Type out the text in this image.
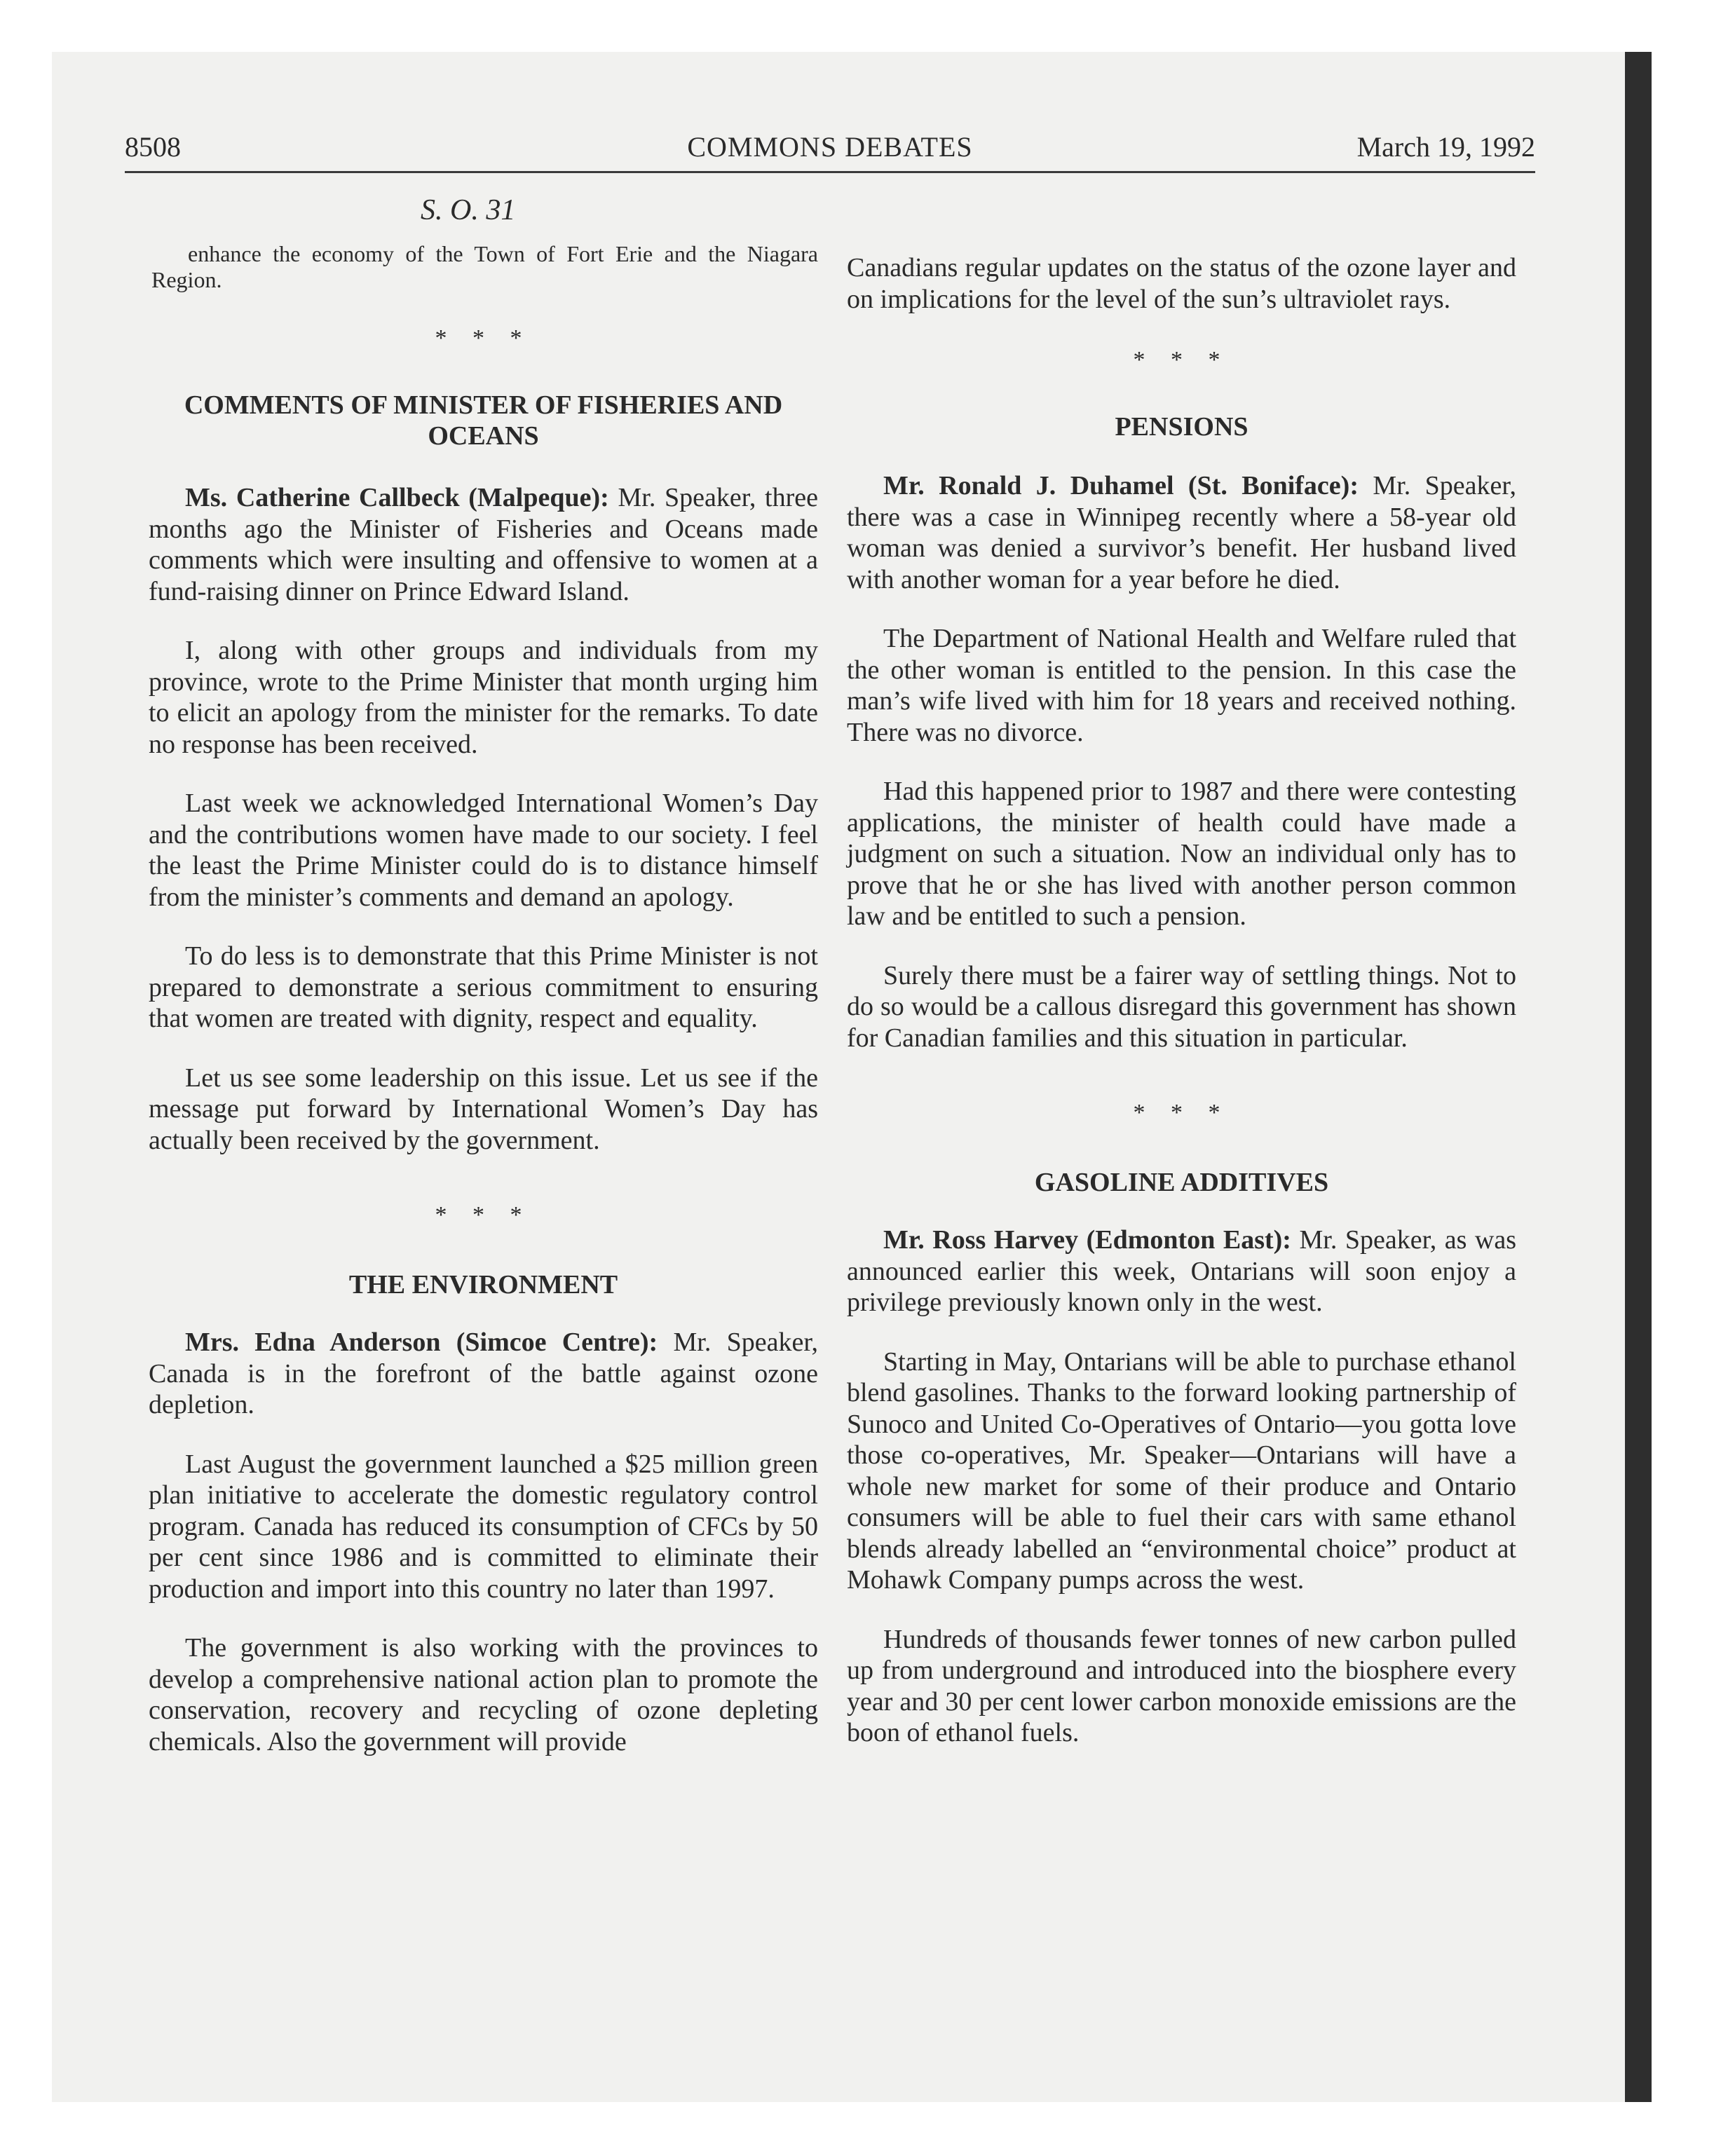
8508	COMMONS DEBATES	March 19, 1992
S. O. 31

enhance the economy of the Town of Fort Erie and the Niagara Region.

* * *

COMMENTS OF MINISTER OF FISHERIES AND OCEANS

Ms. Catherine Callbeck (Malpeque): Mr. Speaker, three months ago the Minister of Fisheries and Oceans made comments which were insulting and offensive to women at a fund-raising dinner on Prince Edward Island.

I, along with other groups and individuals from my province, wrote to the Prime Minister that month urging him to elicit an apology from the minister for the remarks. To date no response has been received.

Last week we acknowledged International Women’s Day and the contributions women have made to our society. I feel the least the Prime Minister could do is to distance himself from the minister’s comments and demand an apology.

To do less is to demonstrate that this Prime Minister is not prepared to demonstrate a serious commitment to ensuring that women are treated with dignity, respect and equality.

Let us see some leadership on this issue. Let us see if the message put forward by International Women’s Day has actually been received by the government.

* * *

THE ENVIRONMENT

Mrs. Edna Anderson (Simcoe Centre): Mr. Speaker, Canada is in the forefront of the battle against ozone depletion.

Last August the government launched a $25 million green plan initiative to accelerate the domestic regulatory control program. Canada has reduced its consumption of CFCs by 50 per cent since 1986 and is committed to eliminate their production and import into this country no later than 1997.

The government is also working with the provinces to develop a comprehensive national action plan to promote the conservation, recovery and recycling of ozone depleting chemicals. Also the government will provide

Canadians regular updates on the status of the ozone layer and on implications for the level of the sun’s ultraviolet rays.

* * *

PENSIONS

Mr. Ronald J. Duhamel (St. Boniface): Mr. Speaker, there was a case in Winnipeg recently where a 58-year old woman was denied a survivor’s benefit. Her husband lived with another woman for a year before he died.

The Department of National Health and Welfare ruled that the other woman is entitled to the pension. In this case the man’s wife lived with him for 18 years and received nothing. There was no divorce.

Had this happened prior to 1987 and there were contesting applications, the minister of health could have made a judgment on such a situation. Now an individual only has to prove that he or she has lived with another person common law and be entitled to such a pension.

Surely there must be a fairer way of settling things. Not to do so would be a callous disregard this government has shown for Canadian families and this situation in particular.

* * *

GASOLINE ADDITIVES

Mr. Ross Harvey (Edmonton East): Mr. Speaker, as was announced earlier this week, Ontarians will soon enjoy a privilege previously known only in the west.

Starting in May, Ontarians will be able to purchase ethanol blend gasolines. Thanks to the forward looking partnership of Sunoco and United Co-Operatives of Ontario—you gotta love those co-operatives, Mr. Speaker—Ontarians will have a whole new market for some of their produce and Ontario consumers will be able to fuel their cars with same ethanol blends already labelled an “environmental choice” product at Mohawk Company pumps across the west.

Hundreds of thousands fewer tonnes of new carbon pulled up from underground and introduced into the biosphere every year and 30 per cent lower carbon monoxide emissions are the boon of ethanol fuels.
